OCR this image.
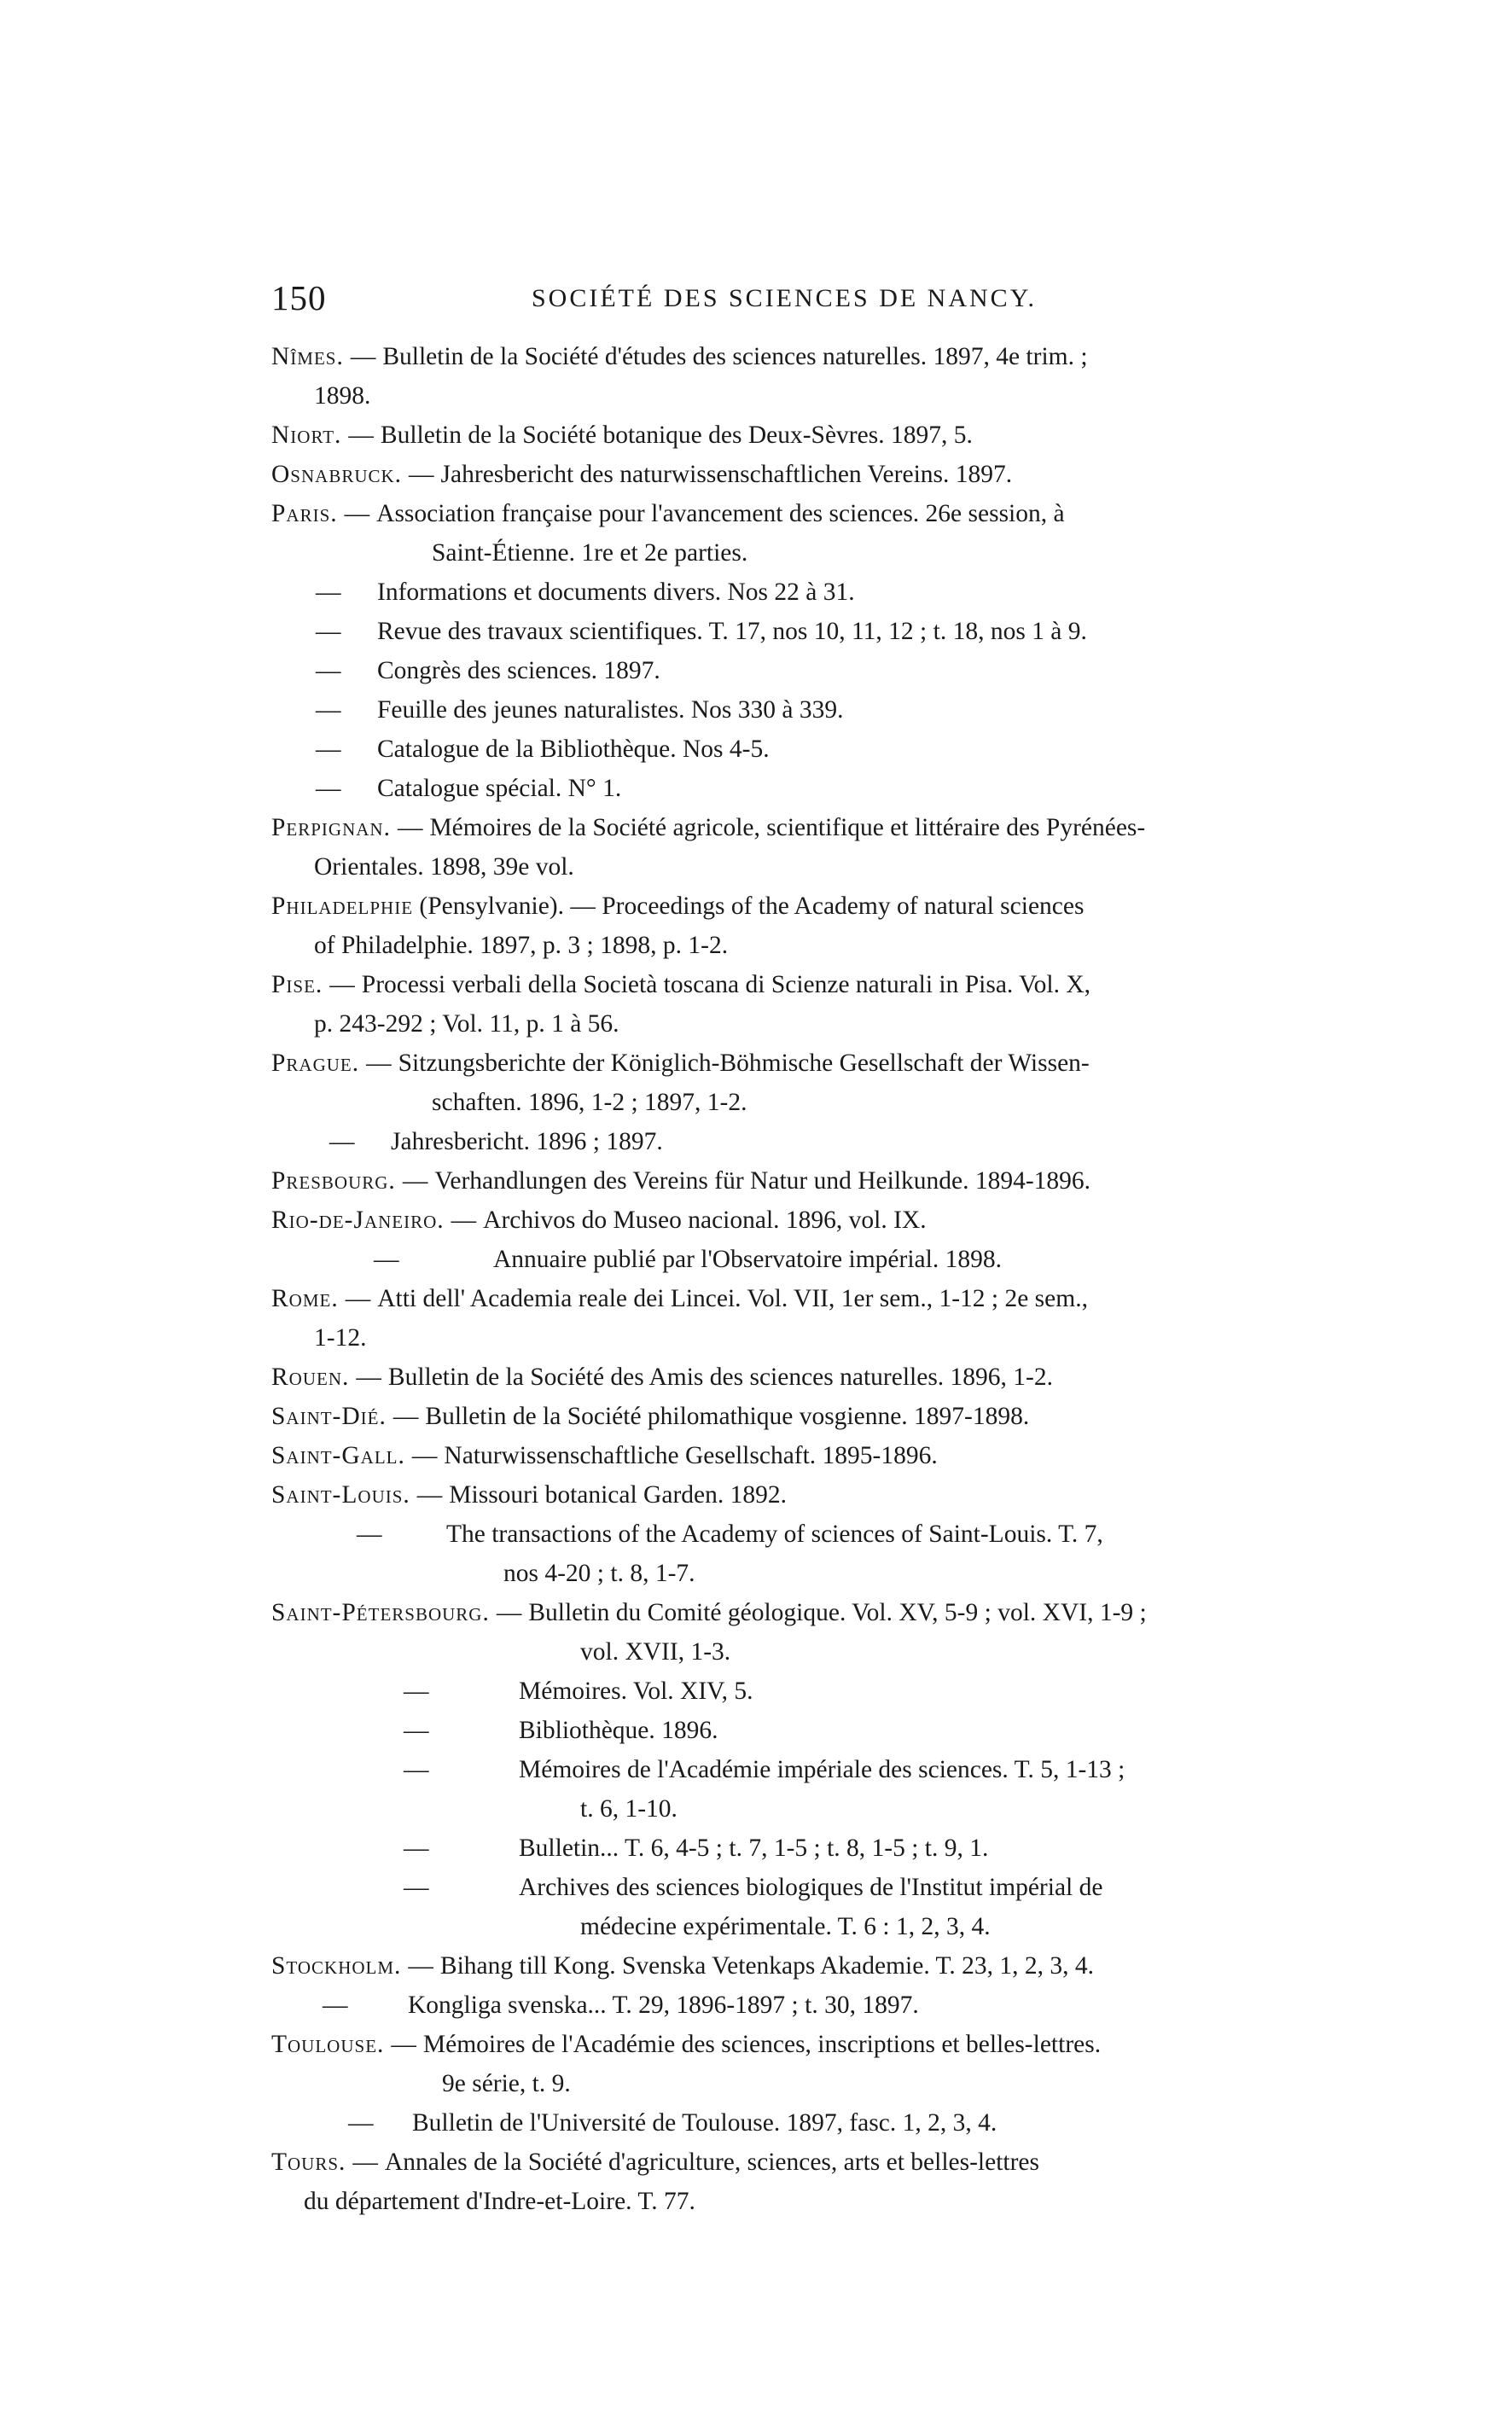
150	SOCIÉTÉ DES SCIENCES DE NANCY.
Nîmes. — Bulletin de la Société d'études des sciences naturelles. 1897, 4e trim. ;
1898.
Niort. — Bulletin de la Société botanique des Deux-Sèvres. 1897, 5.
Osnabruck. — Jahresbericht des naturwissenschaftlichen Vereins. 1897.
Paris. — Association française pour l'avancement des sciences. 26e session, à
Saint-Étienne. 1re et 2e parties.
— Informations et documents divers. Nos 22 à 31.
— Revue des travaux scientifiques. T. 17, nos 10, 11, 12 ; t. 18, nos 1 à 9.
— Congrès des sciences. 1897.
— Feuille des jeunes naturalistes. Nos 330 à 339.
— Catalogue de la Bibliothèque. Nos 4-5.
— Catalogue spécial. N° 1.
Perpignan. — Mémoires de la Société agricole, scientifique et littéraire des Pyrénées-
Orientales. 1898, 39e vol.
Philadelphie (Pensylvanie). — Proceedings of the Academy of natural sciences
of Philadelphie. 1897, p. 3 ; 1898, p. 1-2.
Pise. — Processi verbali della Società toscana di Scienze naturali in Pisa. Vol. X,
p. 243-292 ; Vol. 11, p. 1 à 56.
Prague. — Sitzungsberichte der Königlich-Böhmische Gesellschaft der Wissen-
schaften. 1896, 1-2 ; 1897, 1-2.
— Jahresbericht. 1896 ; 1897.
Presbourg. — Verhandlungen des Vereins für Natur und Heilkunde. 1894-1896.
Rio-de-Janeiro. — Archivos do Museo nacional. 1896, vol. IX.
—	Annuaire publié par l'Observatoire impérial. 1898.
Rome. — Atti dell' Academia reale dei Lincei. Vol. VII, 1er sem., 1-12 ; 2e sem.,
1-12.
Rouen. — Bulletin de la Société des Amis des sciences naturelles. 1896, 1-2.
Saint-Dié. — Bulletin de la Société philomathique vosgienne. 1897-1898.
Saint-Gall. — Naturwissenschaftliche Gesellschaft. 1895-1896.
Saint-Louis. — Missouri botanical Garden. 1892.
—	The transactions of the Academy of sciences of Saint-Louis. T. 7,
nos 4-20 ; t. 8, 1-7.
Saint-Pétersbourg. — Bulletin du Comité géologique. Vol. XV, 5-9 ; vol. XVI, 1-9 ;
vol. XVII, 1-3.
—	Mémoires. Vol. XIV, 5.
—	Bibliothèque. 1896.
—	Mémoires de l'Académie impériale des sciences. T. 5, 1-13 ;
t. 6, 1-10.
—	Bulletin... T. 6, 4-5 ; t. 7, 1-5 ; t. 8, 1-5 ; t. 9, 1.
—	Archives des sciences biologiques de l'Institut impérial de
médecine expérimentale. T. 6 : 1, 2, 3, 4.
Stockholm. — Bihang till Kong. Svenska Vetenkaps Akademie. T. 23, 1, 2, 3, 4.
— Kongliga svenska... T. 29, 1896-1897 ; t. 30, 1897.
Toulouse. — Mémoires de l'Académie des sciences, inscriptions et belles-lettres.
9e série, t. 9.
— Bulletin de l'Université de Toulouse. 1897, fasc. 1, 2, 3, 4.
Tours. — Annales de la Société d'agriculture, sciences, arts et belles-lettres
du département d'Indre-et-Loire. T. 77.
